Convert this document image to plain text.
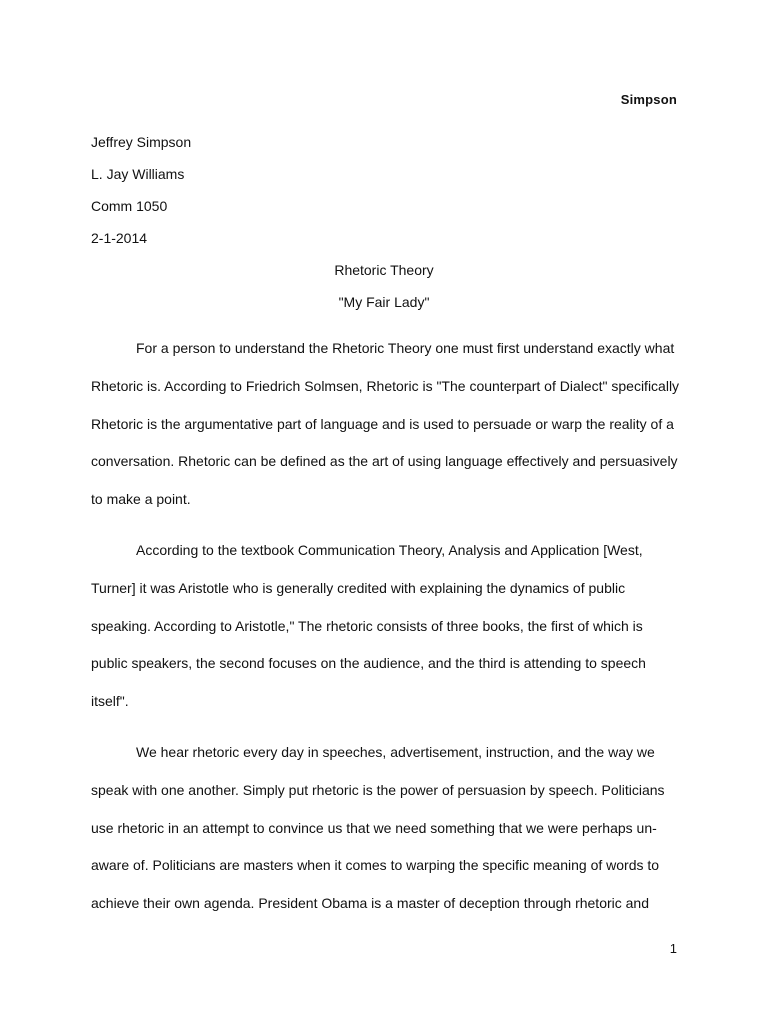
Simpson
Jeffrey Simpson
L. Jay Williams
Comm 1050
2-1-2014
Rhetoric Theory
"My Fair Lady"
For a person to understand the Rhetoric Theory one must first understand exactly what
Rhetoric is. According to Friedrich Solmsen, Rhetoric is "The counterpart of Dialect" specifically
Rhetoric is the argumentative part of language and is used to persuade or warp the reality of a
conversation. Rhetoric can be defined as the art of using language effectively and persuasively
to make a point.
According to the textbook Communication Theory, Analysis and Application [West,
Turner] it was Aristotle who is generally credited with explaining the dynamics of public
speaking. According to Aristotle," The rhetoric consists of three books, the first of which is
public speakers, the second focuses on the audience, and the third is attending to speech
itself".
We hear rhetoric every day in speeches, advertisement, instruction, and the way we
speak with one another. Simply put rhetoric is the power of persuasion by speech. Politicians
use rhetoric in an attempt to convince us that we need something that we were perhaps un-
aware of. Politicians are masters when it comes to warping the specific meaning of words to
achieve their own agenda. President Obama is a master of deception through rhetoric and
1
